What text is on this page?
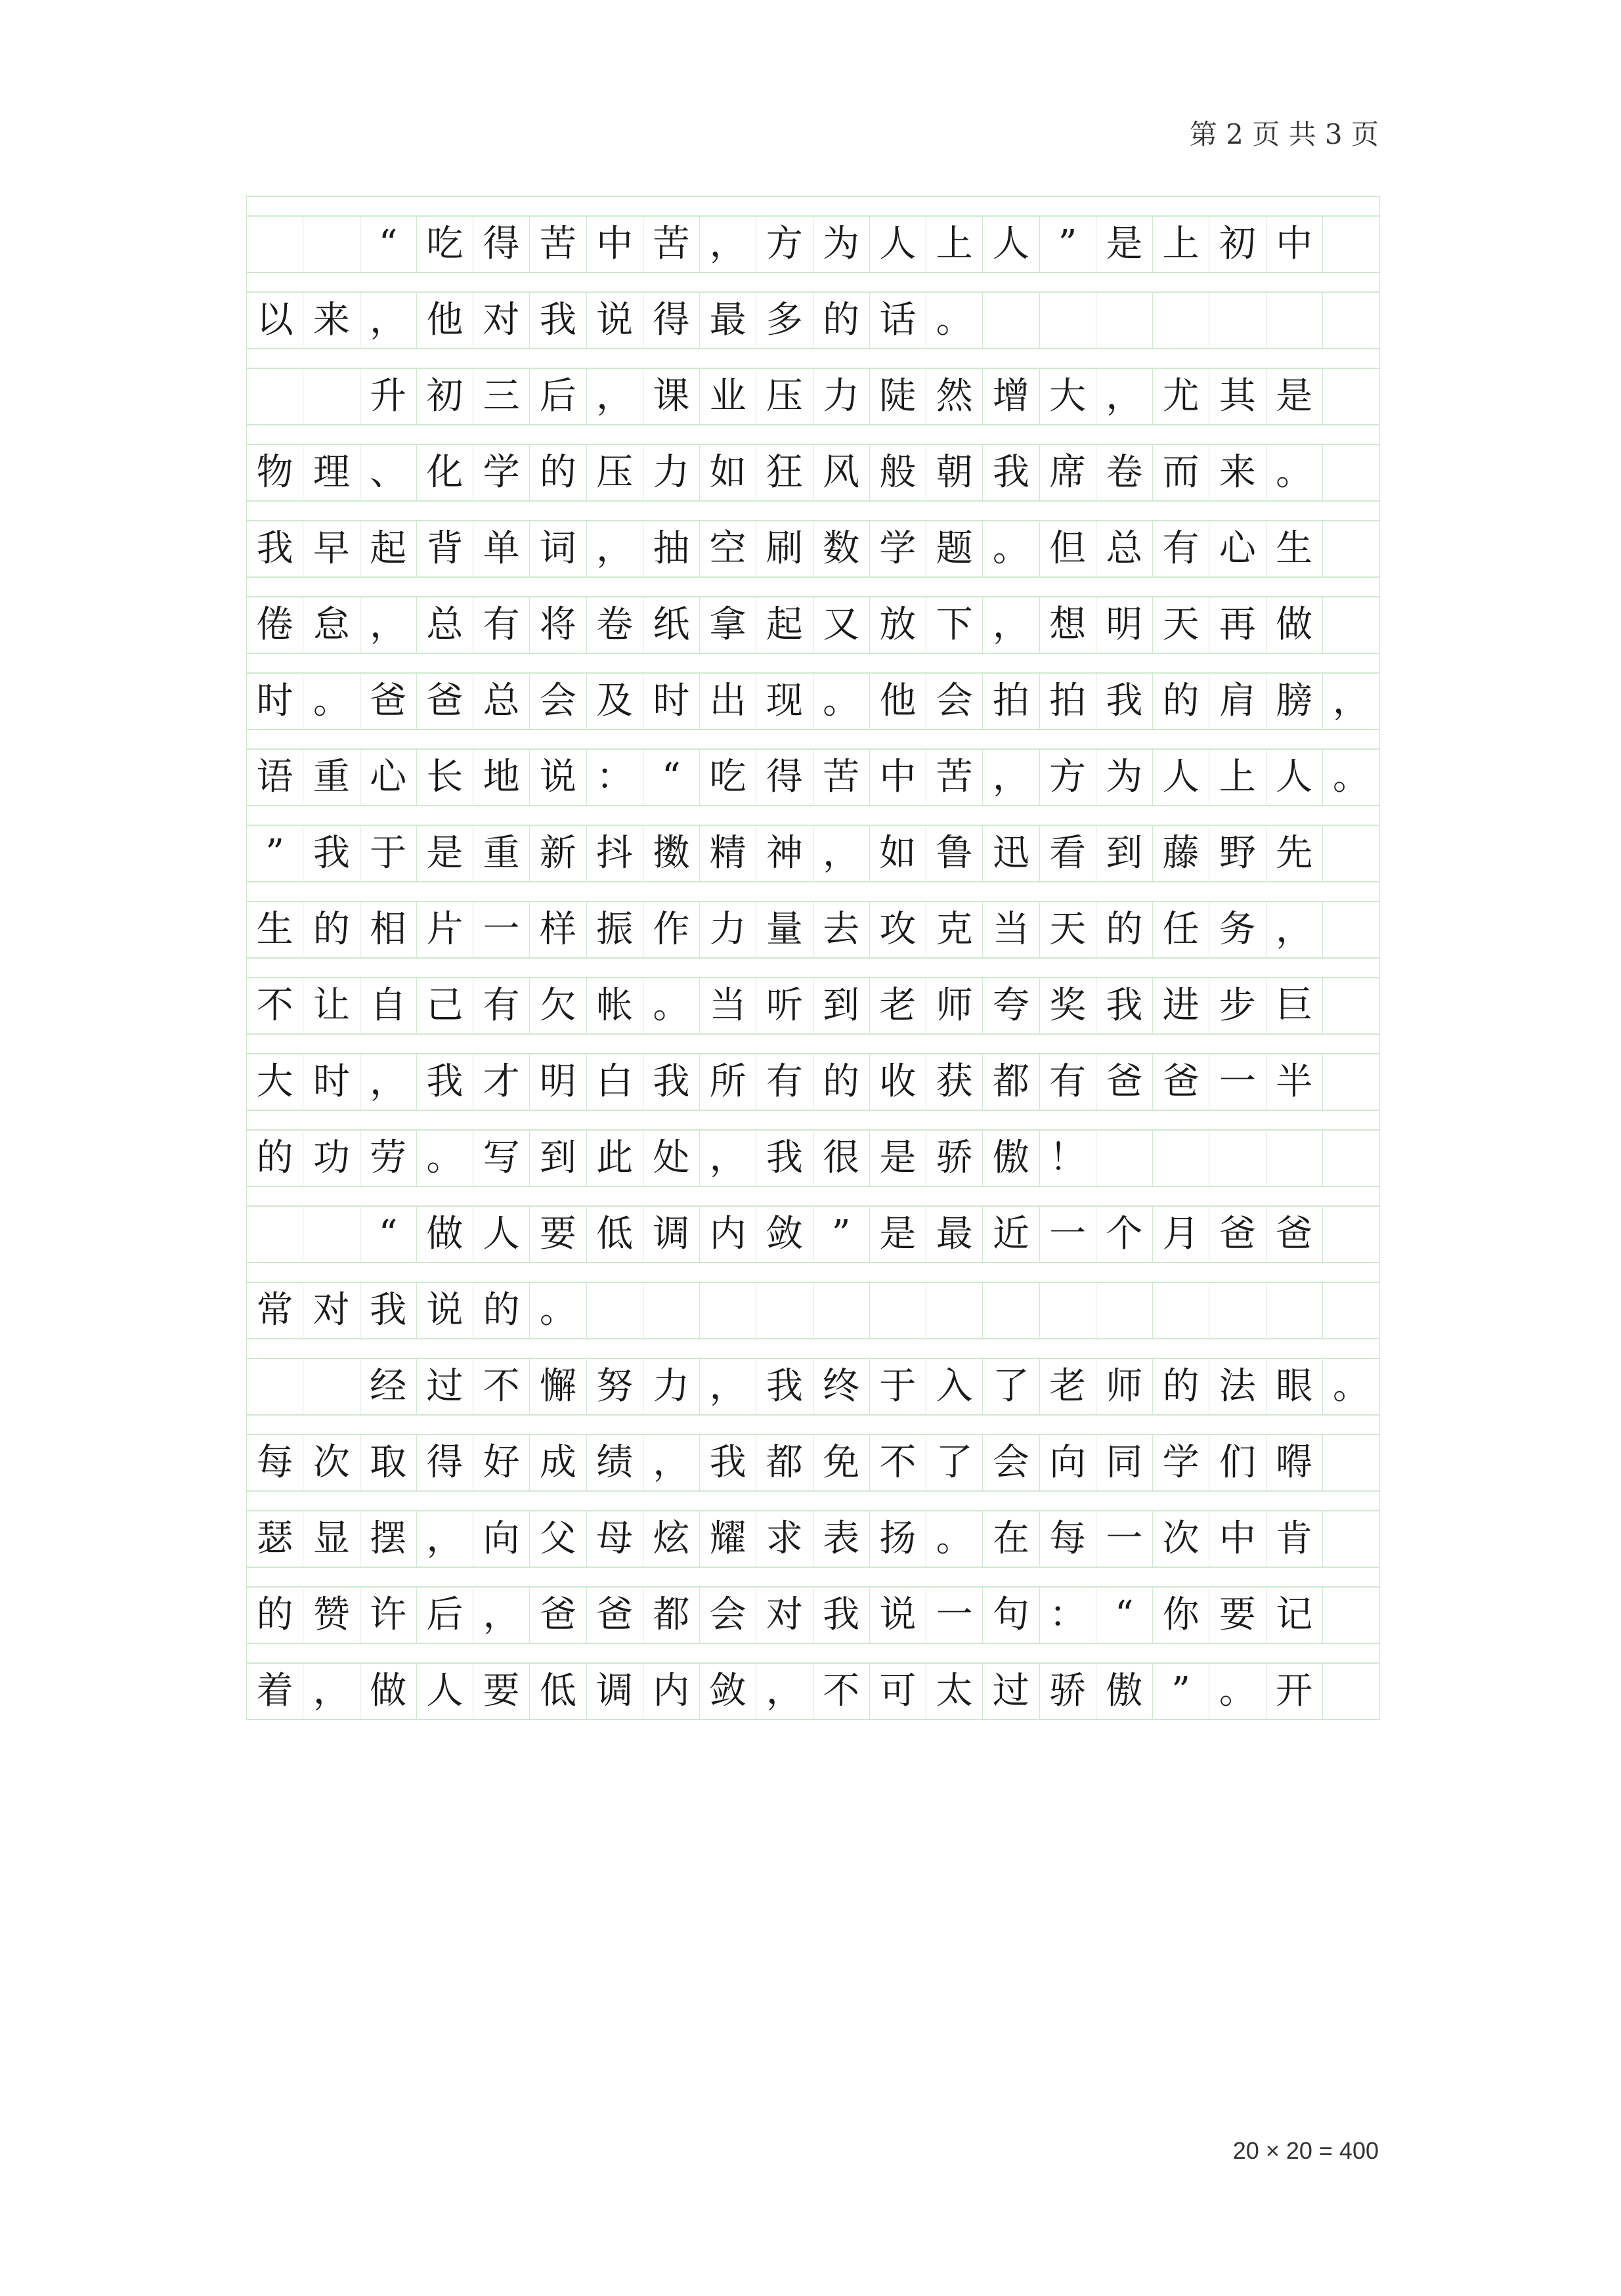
第 2 页 共 3 页
“ 吃 得 苦 中 苦 ， 方 为 人 上 人 ” 是 上 初 中
以 来 ， 他 对 我 说 得 最 多 的 话 。
升 初 三 后 ， 课 业 压 力 陡 然 增 大 ， 尤 其 是
物 理 、 化 学 的 压 力 如 狂 风 般 朝 我 席 卷 而 来 。
我 早 起 背 单 词 ， 抽 空 刷 数 学 题 。 但 总 有 心 生
倦 怠 ， 总 有 将 卷 纸 拿 起 又 放 下 ， 想 明 天 再 做
时 。 爸 爸 总 会 及 时 出 现 。 他 会 拍 拍 我 的 肩 膀 ，
语 重 心 长 地 说 ： “ 吃 得 苦 中 苦 ， 方 为 人 上 人 。
” 我 于 是 重 新 抖 擞 精 神 ， 如 鲁 迅 看 到 藤 野 先
生 的 相 片 一 样 振 作 力 量 去 攻 克 当 天 的 任 务 ，
不 让 自 己 有 欠 帐 。 当 听 到 老 师 夸 奖 我 进 步 巨
大 时 ， 我 才 明 白 我 所 有 的 收 获 都 有 爸 爸 一 半
的 功 劳 。 写 到 此 处 ， 我 很 是 骄 傲 ！
“ 做 人 要 低 调 内 敛 ” 是 最 近 一 个 月 爸 爸
常 对 我 说 的 。
经 过 不 懈 努 力 ， 我 终 于 入 了 老 师 的 法 眼 。
每 次 取 得 好 成 绩 ， 我 都 免 不 了 会 向 同 学 们 嘚
瑟 显 摆 ， 向 父 母 炫 耀 求 表 扬 。 在 每 一 次 中 肯
的 赞 许 后 ， 爸 爸 都 会 对 我 说 一 句 ： “ 你 要 记
着 ， 做 人 要 低 调 内 敛 ， 不 可 太 过 骄 傲 ” 。 开
20 × 20 = 400
